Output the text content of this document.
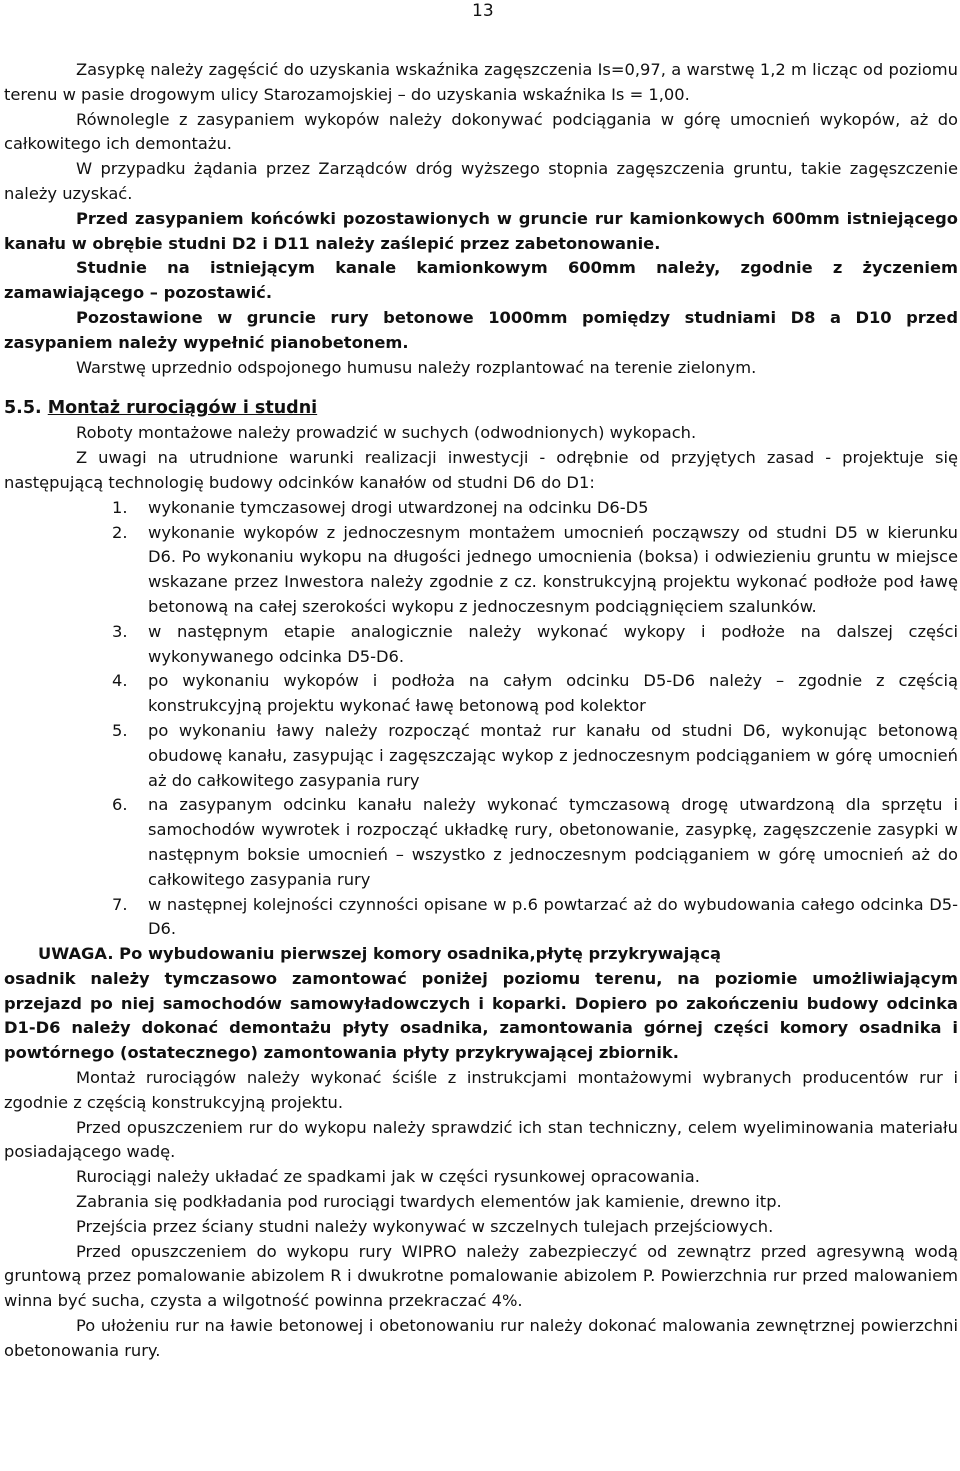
13

Zasypkę należy zagęścić do uzyskania wskaźnika zagęszczenia Is=0,97, a warstwę 1,2 m licząc od poziomu terenu w pasie drogowym ulicy Starozamojskiej – do uzyskania wskaźnika Is = 1,00.

Równolegle z zasypaniem wykopów należy dokonywać podciągania w górę umocnień wykopów, aż do całkowitego ich demontażu.

W przypadku żądania przez Zarządców dróg wyższego stopnia zagęszczenia gruntu, takie zagęszczenie należy uzyskać.

Przed zasypaniem końcówki pozostawionych w gruncie rur kamionkowych 600mm istniejącego kanału w obrębie studni D2 i D11 należy zaślepić przez zabetonowanie.

Studnie na istniejącym kanale kamionkowym 600mm należy, zgodnie z życzeniem zamawiającego – pozostawić.

Pozostawione w gruncie rury betonowe 1000mm pomiędzy studniami D8 a D10 przed zasypaniem należy wypełnić pianobetonem.

Warstwę uprzednio odspojonego humusu należy rozplantować na terenie zielonym.

5.5. Montaż rurociągów i studni

Roboty montażowe należy prowadzić w suchych (odwodnionych) wykopach.

Z uwagi na utrudnione warunki realizacji inwestycji - odrębnie od przyjętych zasad - projektuje się następującą technologię budowy odcinków kanałów od studni D6 do D1:

1. wykonanie tymczasowej drogi utwardzonej na odcinku D6-D5
2. wykonanie wykopów z jednoczesnym montażem umocnień począwszy od studni D5 w kierunku D6. Po wykonaniu wykopu na długości jednego umocnienia (boksa) i odwiezieniu gruntu w miejsce wskazane przez Inwestora należy zgodnie z cz. konstrukcyjną projektu wykonać podłoże pod ławę betonową na całej szerokości wykopu z jednoczesnym podciągnięciem szalunków.
3. w następnym etapie analogicznie należy wykonać wykopy i podłoże na dalszej części wykonywanego odcinka D5-D6.
4. po wykonaniu wykopów i podłoża na całym odcinku D5-D6 należy – zgodnie z częścią konstrukcyjną projektu wykonać ławę betonową pod kolektor
5. po wykonaniu ławy należy rozpocząć montaż rur kanału od studni D6, wykonując betonową obudowę kanału, zasypując i zagęszczając wykop z jednoczesnym podciąganiem w górę umocnień aż do całkowitego zasypania rury
6. na zasypanym odcinku kanału należy wykonać tymczasową drogę utwardzoną dla sprzętu i samochodów wywrotek i rozpocząć układkę rury, obetonowanie, zasypkę, zagęszczenie zasypki w następnym boksie umocnień – wszystko z jednoczesnym podciąganiem w górę umocnień aż do całkowitego zasypania rury
7. w następnej kolejności czynności opisane w p.6 powtarzać aż do wybudowania całego odcinka D5-D6.

UWAGA. Po wybudowaniu pierwszej komory osadnika,płytę przykrywającą

osadnik należy tymczasowo zamontować poniżej poziomu terenu, na poziomie umożliwiającym przejazd po niej samochodów samowyładowczych i koparki. Dopiero po zakończeniu budowy odcinka D1-D6 należy dokonać demontażu płyty osadnika, zamontowania górnej części komory osadnika i powtórnego (ostatecznego) zamontowania płyty przykrywającej zbiornik.

Montaż rurociągów należy wykonać ściśle z instrukcjami montażowymi wybranych producentów rur i zgodnie z częścią konstrukcyjną projektu.

Przed opuszczeniem rur do wykopu należy sprawdzić ich stan techniczny, celem wyeliminowania materiału posiadającego wadę.

Rurociągi należy układać ze spadkami jak w części rysunkowej opracowania.

Zabrania się podkładania pod rurociągi twardych elementów jak kamienie, drewno itp.

Przejścia przez ściany studni należy wykonywać w szczelnych tulejach przejściowych.

Przed opuszczeniem do wykopu rury WIPRO należy zabezpieczyć od zewnątrz przed agresywną wodą gruntową przez pomalowanie abizolem R i dwukrotne pomalowanie abizolem P. Powierzchnia rur przed malowaniem winna być sucha, czysta a wilgotność powinna przekraczać 4%.

Po ułożeniu rur na ławie betonowej i obetonowaniu rur należy dokonać malowania zewnętrznej powierzchni obetonowania rury.
